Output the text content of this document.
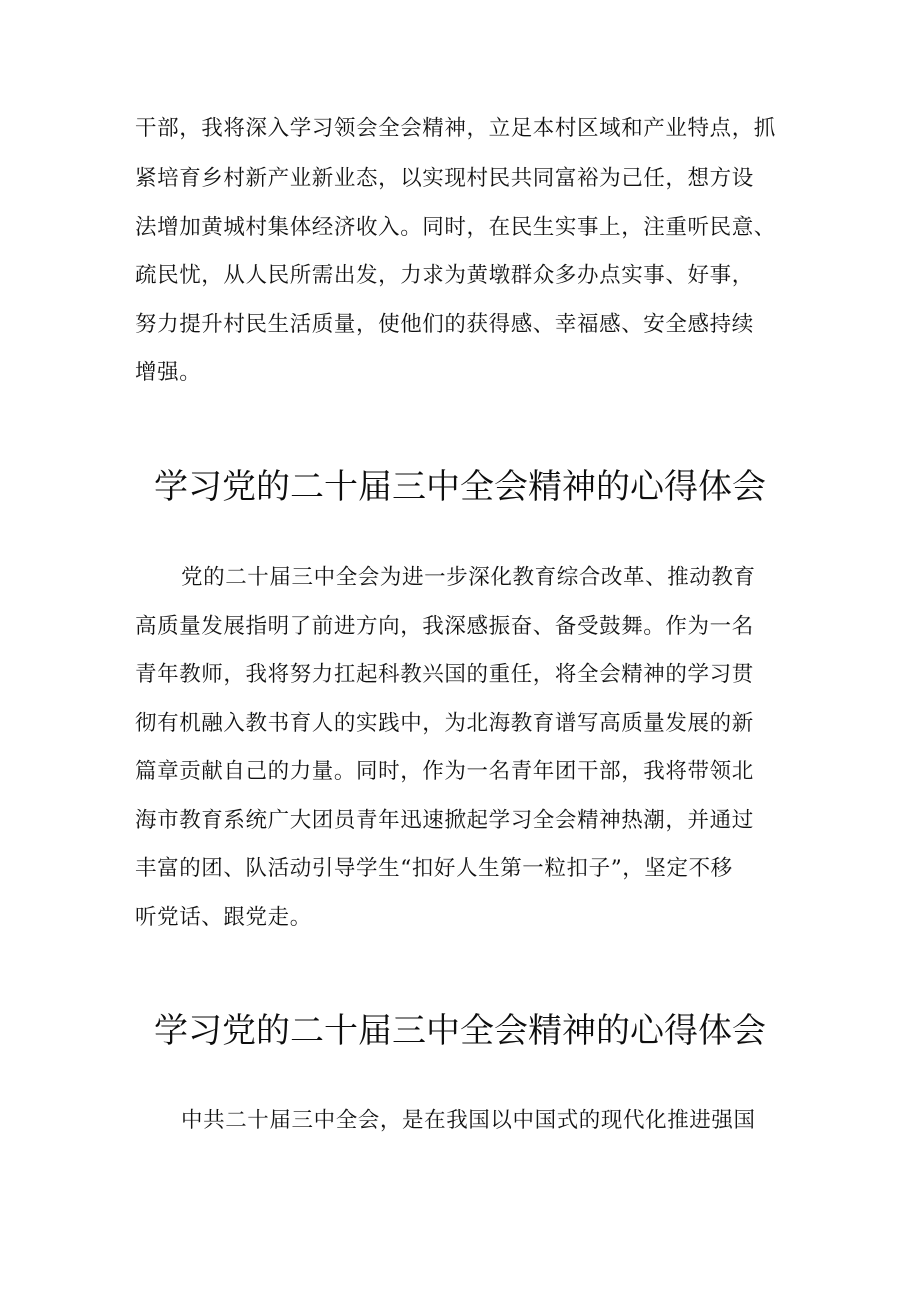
干部，我将深入学习领会全会精神，立足本村区域和产业特点，抓
紧培育乡村新产业新业态，以实现村民共同富裕为己任，想方设
法增加黄城村集体经济收入。同时，在民生实事上，注重听民意、
疏民忧，从人民所需出发，力求为黄墩群众多办点实事、好事，
努力提升村民生活质量，使他们的获得感、幸福感、安全感持续
增强。
学习党的二十届三中全会精神的心得体会
党的二十届三中全会为进一步深化教育综合改革、推动教育
高质量发展指明了前进方向，我深感振奋、备受鼓舞。作为一名
青年教师，我将努力扛起科教兴国的重任，将全会精神的学习贯
彻有机融入教书育人的实践中，为北海教育谱写高质量发展的新
篇章贡献自己的力量。同时，作为一名青年团干部，我将带领北
海市教育系统广大团员青年迅速掀起学习全会精神热潮，并通过
丰富的团、队活动引导学生“扣好人生第一粒扣子”，坚定不移
听党话、跟党走。
学习党的二十届三中全会精神的心得体会
中共二十届三中全会，是在我国以中国式的现代化推进强国
